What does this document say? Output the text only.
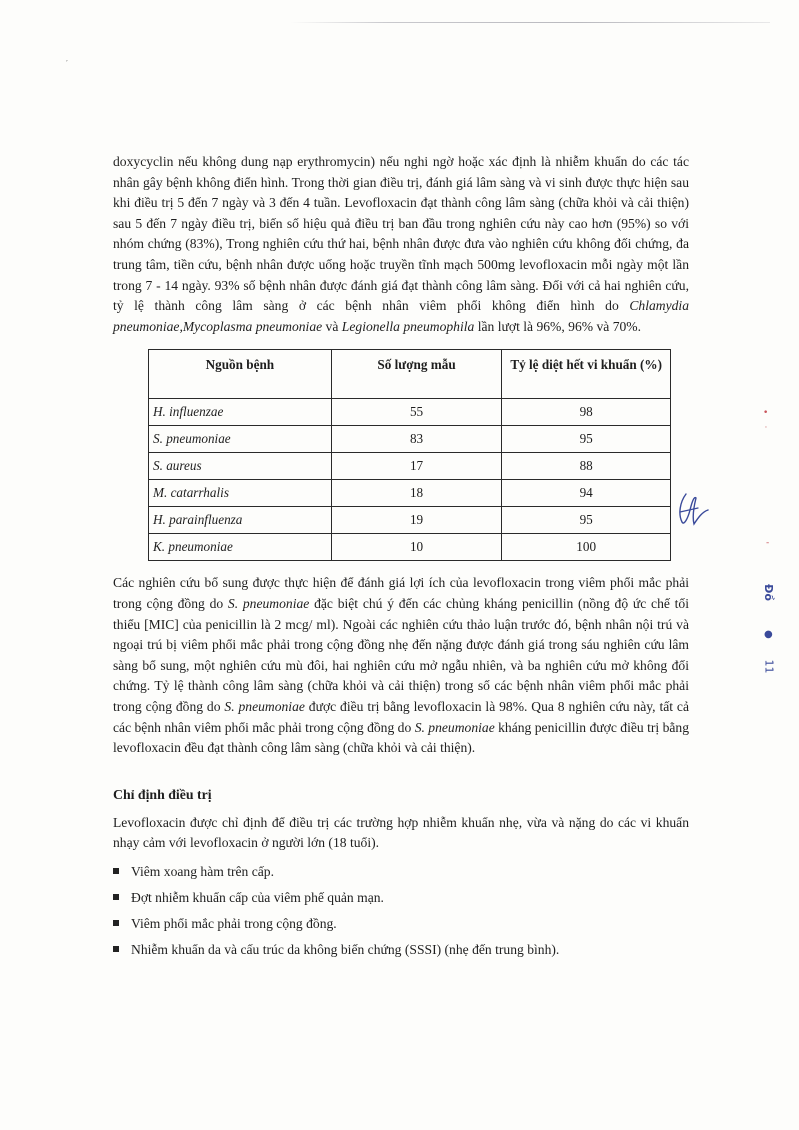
doxycyclin nếu không dung nạp erythromycin) nếu nghi ngờ hoặc xác định là nhiễm khuẩn do các tác nhân gây bệnh không điển hình. Trong thời gian điều trị, đánh giá lâm sàng và vi sinh được thực hiện sau khi điều trị 5 đến 7 ngày và 3 đến 4 tuần. Levofloxacin đạt thành công lâm sàng (chữa khỏi và cải thiện) sau 5 đến 7 ngày điều trị, biến số hiệu quả điều trị ban đầu trong nghiên cứu này cao hơn (95%) so với nhóm chứng (83%), Trong nghiên cứu thứ hai, bệnh nhân được đưa vào nghiên cứu không đối chứng, đa trung tâm, tiền cứu, bệnh nhân được uống hoặc truyền tĩnh mạch 500mg levofloxacin mỗi ngày một lần trong 7 - 14 ngày. 93% số bệnh nhân được đánh giá đạt thành công lâm sàng. Đối với cả hai nghiên cứu, tỷ lệ thành công lâm sàng ở các bệnh nhân viêm phổi không điển hình do Chlamydia pneumoniae,Mycoplasma pneumoniae và Legionella pneumophila lần lượt là 96%, 96% và 70%.

Nguồn bệnh	Số lượng mẫu	Tỷ lệ diệt hết vi khuẩn (%)
H. influenzae	55	98
S. pneumoniae	83	95
S. aureus	17	88
M. catarrhalis	18	94
H. parainfluenza	19	95
K. pneumoniae	10	100

Các nghiên cứu bổ sung được thực hiện để đánh giá lợi ích của levofloxacin trong viêm phổi mắc phải trong cộng đồng do S. pneumoniae đặc biệt chú ý đến các chủng kháng penicillin (nồng độ ức chế tối thiểu [MIC] của penicillin là 2 mcg/ ml). Ngoài các nghiên cứu thảo luận trước đó, bệnh nhân nội trú và ngoại trú bị viêm phổi mắc phải trong cộng đồng nhẹ đến nặng được đánh giá trong sáu nghiên cứu lâm sàng bổ sung, một nghiên cứu mù đôi, hai nghiên cứu mở ngẫu nhiên, và ba nghiên cứu mở không đối chứng. Tỷ lệ thành công lâm sàng (chữa khỏi và cải thiện) trong số các bệnh nhân viêm phổi mắc phải trong cộng đồng do S. pneumoniae được điều trị bằng levofloxacin là 98%. Qua 8 nghiên cứu này, tất cả các bệnh nhân viêm phổi mắc phải trong cộng đồng do S. pneumoniae kháng penicillin được điều trị bằng levofloxacin đều đạt thành công lâm sàng (chữa khỏi và cải thiện).

Chỉ định điều trị

Levofloxacin được chỉ định để điều trị các trường hợp nhiễm khuẩn nhẹ, vừa và nặng do các vi khuẩn nhạy cảm với levofloxacin ở người lớn (18 tuổi).

Viêm xoang hàm trên cấp.
Đợt nhiễm khuẩn cấp của viêm phế quản mạn.
Viêm phổi mắc phải trong cộng đồng.
Nhiễm khuẩn da và cấu trúc da không biến chứng (SSSI) (nhẹ đến trung bình).
•
'
-
Đồ
●
11
,
